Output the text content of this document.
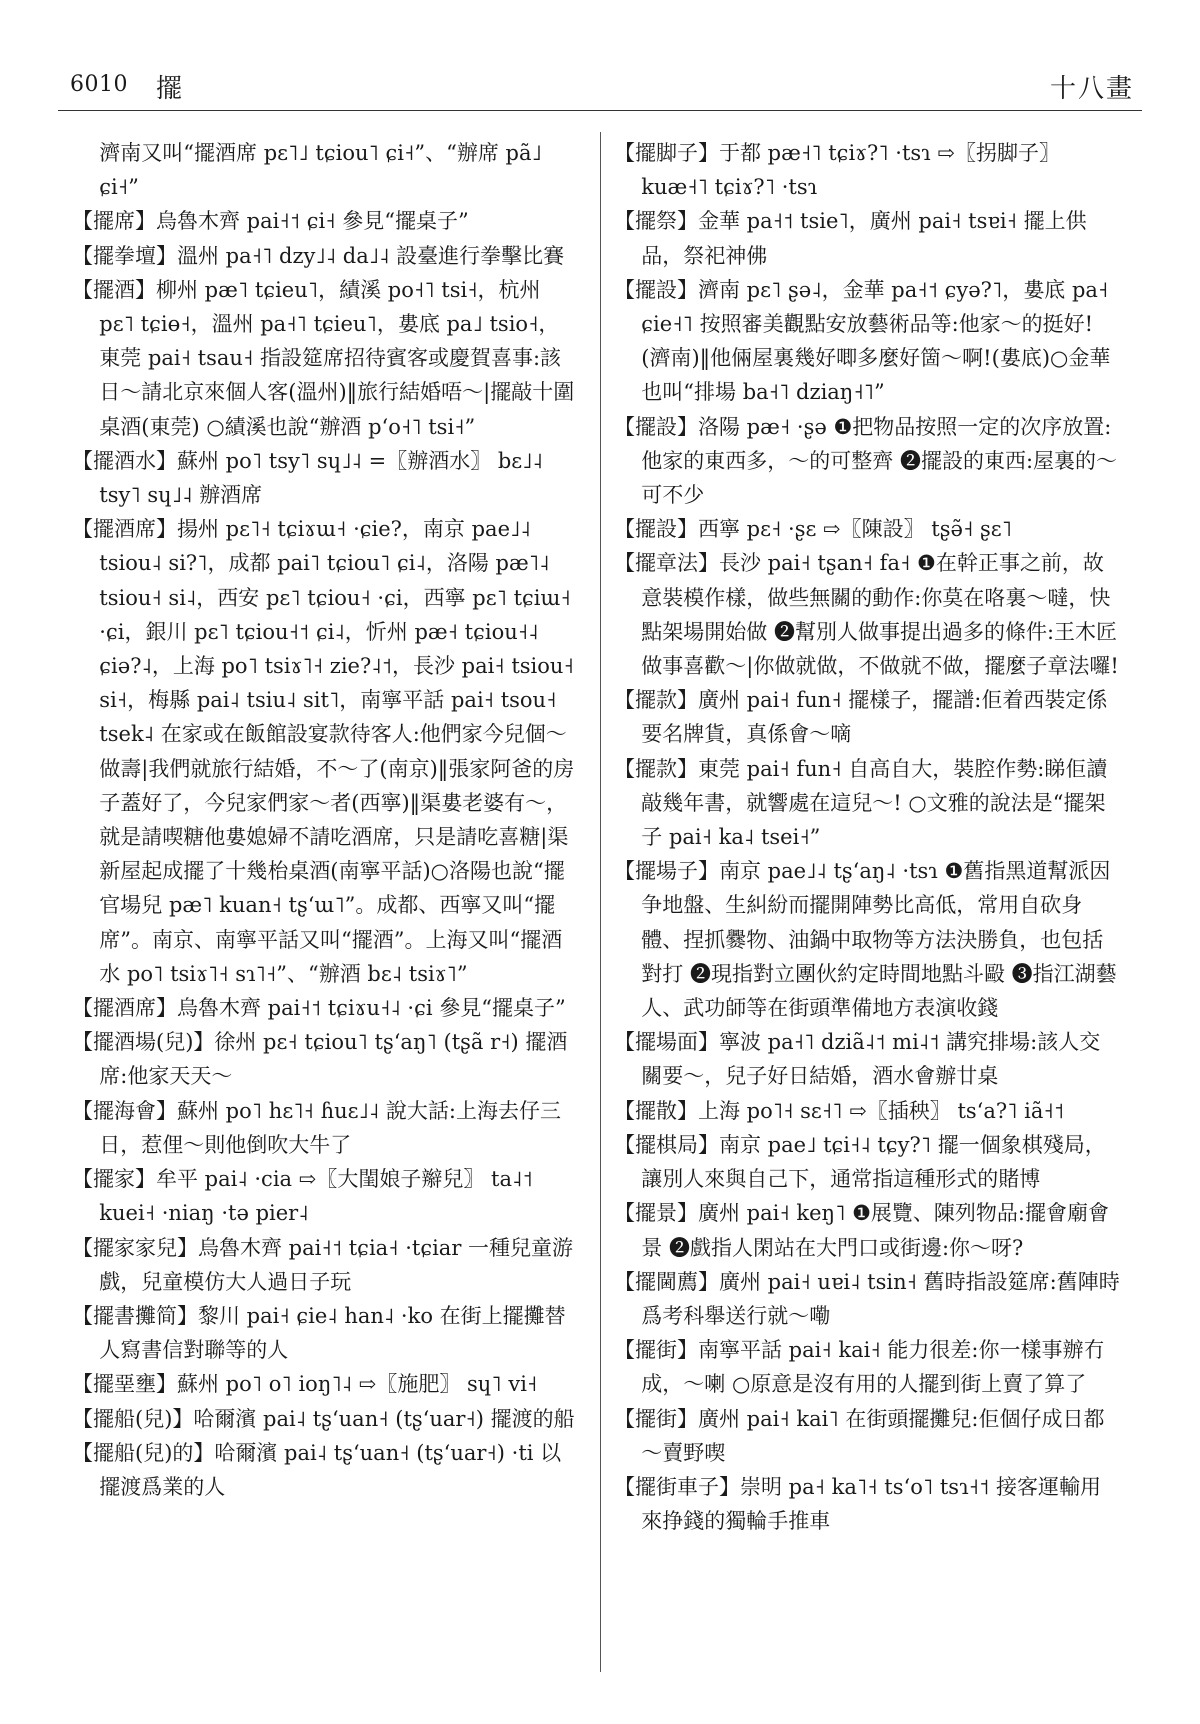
6010 擺	十八畫

濟南又叫“擺酒席 pɛ˥˩ tɕiou˥ ɕi˧”、“辦席 pã˩ ɕi˧”

【擺席】烏魯木齊 pai˧˦ ɕi˧ 參見“擺桌子”

【擺拳壇】溫州 pa˧˥ dzy˩˨ da˩˨ 設臺進行拳擊比賽

【擺酒】柳州 pæ˥ tɕieu˥，績溪 po˧˥ tsi˧，杭州 pɛ˥ tɕiɵ˧，溫州 pa˧˥ tɕieu˥，婁底 pa˩ tsio˧，東莞 pai˧ tsau˧ 指設筵席招待賓客或慶賀喜事:該日～請北京來個人客(溫州)‖旅行結婚唔～|擺敲十圍桌酒(東莞) ○績溪也說“辦酒 pʻo˧˥ tsi˧”

【擺酒水】蘇州 po˥ tsy˥ sɥ˩˨ =〖辦酒水〗 bɛ˩˨ tsy˥ sɥ˩˨ 辦酒席

【擺酒席】揚州 pɛ˥˧ tɕiɤɯ˧ ·ɕie?，南京 pae˩˨ tsiou˨ si?˥，成都 pai˥ tɕiou˥ ɕi˨，洛陽 pæ˥˨ tsiou˧ si˨，西安 pɛ˥ tɕiou˧ ·ɕi，西寧 pɛ˥ tɕiɯ˧ ·ɕi，銀川 pɛ˥ tɕiou˧˦ ɕi˨，忻州 pæ˧ tɕiou˧˨ ɕiə?˨，上海 po˥ tsiɤ˥˧ zie?˨˦，長沙 pai˧ tsiou˧ si˧，梅縣 pai˨ tsiu˨ sit˥，南寧平話 pai˧ tsou˧ tsek˨ 在家或在飯館設宴款待客人:他們家今兒個～做壽|我們就旅行結婚，不～了(南京)‖張家阿爸的房子蓋好了，今兒家們家～者(西寧)‖渠婁老婆有～，就是請喫糖他婁媳婦不請吃酒席，只是請吃喜糖|渠新屋起成擺了十幾枱桌酒(南寧平話)○洛陽也說“擺官場兒 pæ˥ kuan˧ tʂʻɯ˥”。成都、西寧又叫“擺席”。南京、南寧平話又叫“擺酒”。上海又叫“擺酒水 po˥ tsiɤ˥˧ sɿ˥˧”、“辦酒 bɛ˨ tsiɤ˥”

【擺酒席】烏魯木齊 pai˧˦ tɕiɤu˧˨ ·ɕi 參見“擺桌子”

【擺酒場(兒)】徐州 pɛ˧ tɕiou˥ tʂʻaŋ˥ (tʂã r˧) 擺酒席:他家天天～

【擺海會】蘇州 po˥ hɛ˥˧ ɦuɛ˩˨ 說大話:上海去仔三日，惹俚～則他倒吹大牛了

【擺家】牟平 pai˨ ·cia ⇨〖大閨娘子辮兒〗 ta˨˦ kuei˧ ·niaŋ ·tə pier˨

【擺家家兒】烏魯木齊 pai˧˦ tɕia˧ ·tɕiar 一種兒童游戲，兒童模仿大人過日子玩

【擺書攤简】黎川 pai˧ ɕie˨ han˨ ·ko 在街上擺攤替人寫書信對聯等的人

【擺堊壅】蘇州 po˥ o˥ ioŋ˥˨ ⇨〖施肥〗 sɥ˥ vi˧

【擺船(兒)】哈爾濱 pai˨ tʂʻuan˧ (tʂʻuar˧) 擺渡的船

【擺船(兒)的】哈爾濱 pai˨ tʂʻuan˧ (tʂʻuar˧) ·ti 以擺渡爲業的人

【擺脚子】于都 pæ˧˥ tɕiɤ?˥ ·tsɿ ⇨〖拐脚子〗 kuæ˧˥ tɕiɤ?˥ ·tsɿ

【擺祭】金華 pa˧˦ tsie˥，廣州 pai˧ tsɐi˧ 擺上供品，祭祀神佛

【擺設】濟南 pɛ˥ ʂə˨，金華 pa˧˦ ɕyə?˥，婁底 pa˧ ɕie˧˥ 按照審美觀點安放藝術品等:他家～的挺好!(濟南)‖他倆屋裏幾好唧多麼好箇～啊!(婁底)○金華也叫“排場 ba˧˥ dziaŋ˧˥”

【擺設】洛陽 pæ˧ ·ʂə ❶把物品按照一定的次序放置:他家的東西多，～的可整齊 ❷擺設的東西:屋裏的～可不少

【擺設】西寧 pɛ˧ ·ʂɛ ⇨〖陳設〗 tʂə̃˧ ʂɛ˥

【擺章法】長沙 pai˧ tʂan˧ fa˧ ❶在幹正事之前，故意裝模作樣，做些無關的動作:你莫在咯裏～噠，快點架場開始做 ❷幫別人做事提出過多的條件:王木匠做事喜歡～|你做就做，不做就不做，擺麼子章法囉!

【擺款】廣州 pai˧ fun˧ 擺樣子，擺譜:佢着西裝定係要名牌貨，真係會～嘀

【擺款】東莞 pai˧ fun˧ 自高自大，裝腔作勢:睇佢讀敲幾年書，就響處在這兒～! ○文雅的說法是“擺架子 pai˧ ka˨ tsei˧”

【擺場子】南京 pae˩˨ tʂʻaŋ˨ ·tsɿ ❶舊指黑道幫派因争地盤、生糾紛而擺開陣勢比高低，常用自砍身體、捏抓爨物、油鍋中取物等方法決勝負，也包括對打 ❷現指對立團伙約定時間地點斗毆 ❸指江湖藝人、武功師等在街頭準備地方表演收錢

【擺場面】寧波 pa˧˥ dziã˨˦ mi˨˦ 講究排場:該人交關要～，兒子好日結婚，酒水會辦廿桌

【擺散】上海 po˥˧ sɛ˧˥ ⇨〖插秧〗 tsʻa?˥ iã˧˦

【擺棋局】南京 pae˩ tɕi˧˨ tɕy?˥ 擺一個象棋殘局，讓別人來與自己下，通常指這種形式的賭博

【擺景】廣州 pai˧ keŋ˥ ❶展覽、陳列物品:擺會廟會景 ❷戲指人閑站在大門口或街邊:你～呀?

【擺閫薦】廣州 pai˧ uɐi˨ tsin˧ 舊時指設筵席:舊陣時爲考科舉送行就～嘞

【擺街】南寧平話 pai˧ kai˧ 能力很差:你一樣事辦冇成，～喇 ○原意是沒有用的人擺到街上賣了算了

【擺街】廣州 pai˧ kai˥ 在街頭擺攤兒:佢個仔成日都～賣野喫

【擺街車子】崇明 pa˧ ka˥˧ tsʻo˥ tsɿ˧˦ 接客運輸用來挣錢的獨輪手推車
